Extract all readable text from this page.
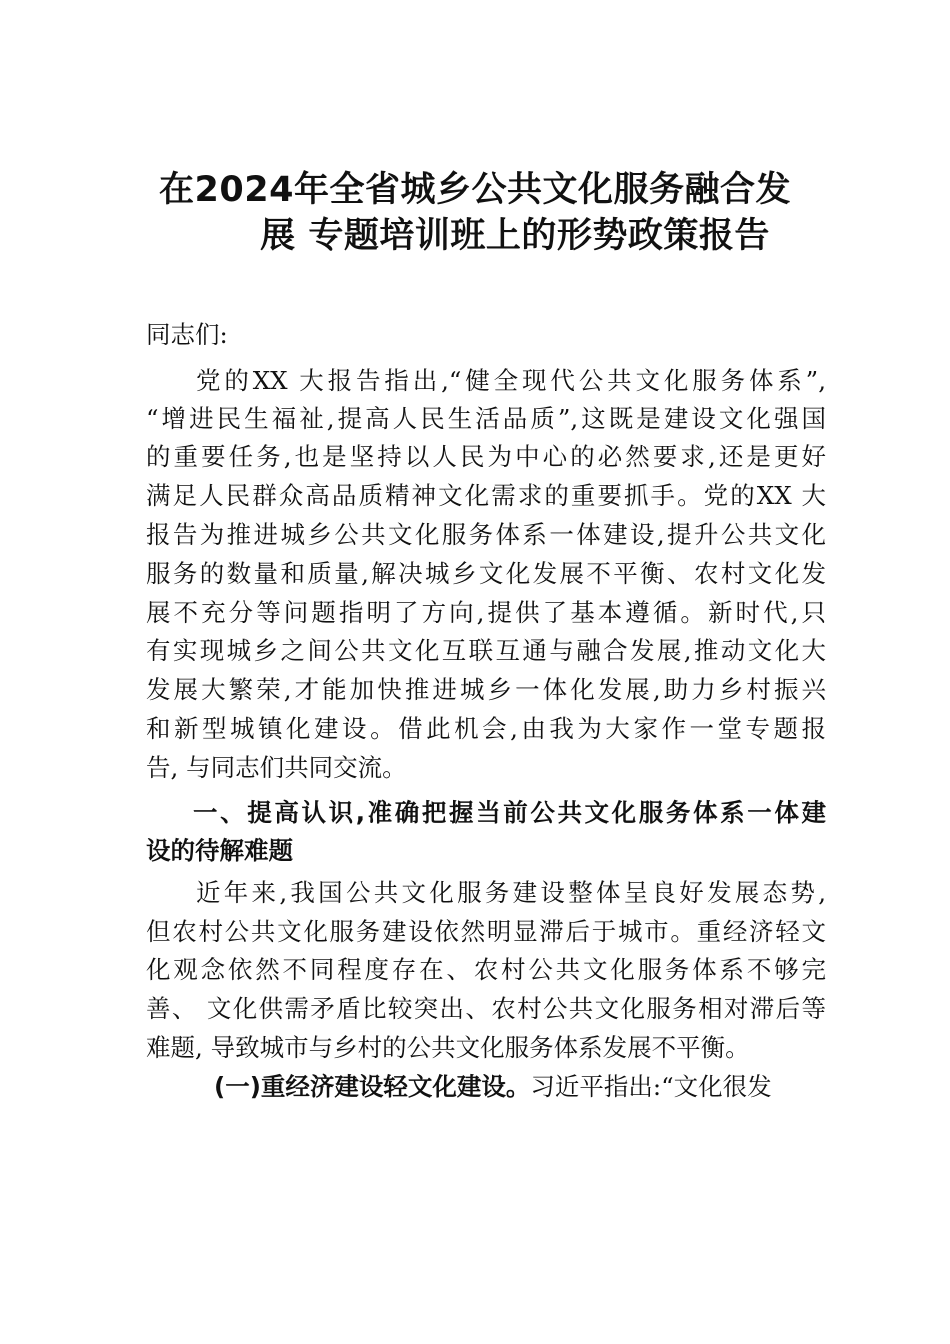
在2024年全省城乡公共文化服务融合发
展 专题培训班上的形势政策报告
同志们:
党的XX 大报告指出,“健全现代公共文化服务体系”,
“增进民生福祉,提高人民生活品质”,这既是建设文化强国
的重要任务,也是坚持以人民为中心的必然要求,还是更好
满足人民群众高品质精神文化需求的重要抓手。党的XX 大
报告为推进城乡公共文化服务体系一体建设,提升公共文化
服务的数量和质量,解决城乡文化发展不平衡、农村文化发
展不充分等问题指明了方向,提供了基本遵循。新时代,只
有实现城乡之间公共文化互联互通与融合发展,推动文化大
发展大繁荣,才能加快推进城乡一体化发展,助力乡村振兴
和新型城镇化建设。借此机会,由我为大家作一堂专题报
告, 与同志们共同交流。
一、提高认识,准确把握当前公共文化服务体系一体建
设的待解难题
近年来,我国公共文化服务建设整体呈良好发展态势,
但农村公共文化服务建设依然明显滞后于城市。重经济轻文
化观念依然不同程度存在、农村公共文化服务体系不够完
善、 文化供需矛盾比较突出、农村公共文化服务相对滞后等
难题, 导致城市与乡村的公共文化服务体系发展不平衡。
(一)重经济建设轻文化建设。习近平指出:“文化很发
